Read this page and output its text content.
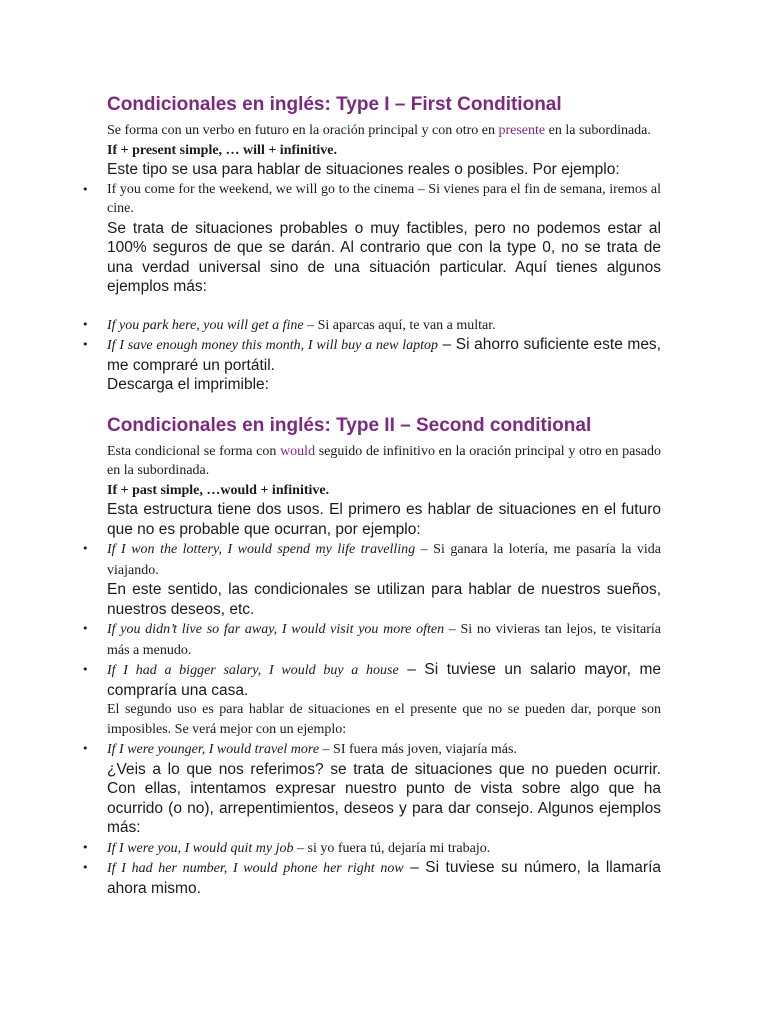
Condicionales en inglés: Type I – First Conditional

Se forma con un verbo en futuro en la oración principal y con otro en presente en la subordinada.

If + present simple, … will + infinitive.

Este tipo se usa para hablar de situaciones reales o posibles. Por ejemplo:

• If you come for the weekend, we will go to the cinema – Si vienes para el fin de semana, iremos al cine.

Se trata de situaciones probables o muy factibles, pero no podemos estar al 100% seguros de que se darán. Al contrario que con la type 0, no se trata de una verdad universal sino de una situación particular. Aquí tienes algunos ejemplos más:

• If you park here, you will get a fine – Si aparcas aquí, te van a multar.

• If I save enough money this month, I will buy a new laptop – Si ahorro suficiente este mes, me compraré un portátil.

Descarga el imprimible:

Condicionales en inglés: Type II – Second conditional

Esta condicional se forma con would seguido de infinitivo en la oración principal y otro en pasado en la subordinada.

If + past simple, …would + infinitive.

Esta estructura tiene dos usos. El primero es hablar de situaciones en el futuro que no es probable que ocurran, por ejemplo:

• If I won the lottery, I would spend my life travelling – Si ganara la lotería, me pasaría la vida viajando.

En este sentido, las condicionales se utilizan para hablar de nuestros sueños, nuestros deseos, etc.

• If you didn’t live so far away, I would visit you more often – Si no vivieras tan lejos, te visitaría más a menudo.

• If I had a bigger salary, I would buy a house – Si tuviese un salario mayor, me compraría una casa.

El segundo uso es para hablar de situaciones en el presente que no se pueden dar, porque son imposibles. Se verá mejor con un ejemplo:

• If I were younger, I would travel more – SI fuera más joven, viajaría más.

¿Veis a lo que nos referimos? se trata de situaciones que no pueden ocurrir. Con ellas, intentamos expresar nuestro punto de vista sobre algo que ha ocurrido (o no), arrepentimientos, deseos y para dar consejo. Algunos ejemplos más:

• If I were you, I would quit my job – si yo fuera tú, dejaría mi trabajo.

• If I had her number, I would phone her right now – Si tuviese su número, la llamaría ahora mismo.
